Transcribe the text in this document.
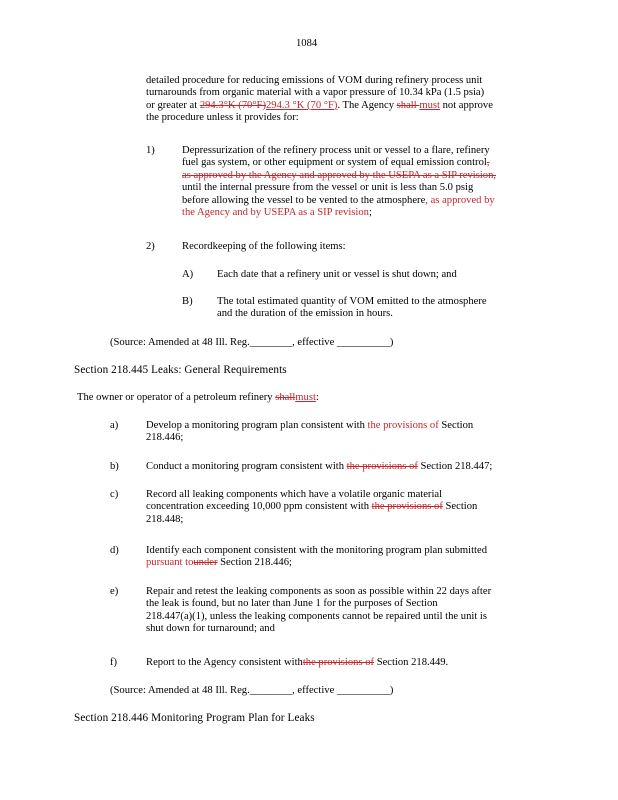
1084

detailed procedure for reducing emissions of VOM during refinery process unit

turnarounds from organic material with a vapor pressure of 10.34 kPa (1.5 psia)

or greater at 294.3°K (70°F)294.3 °K (70 °F). The Agency shall must not approve

the procedure unless it provides for:

1)	Depressurization of the refinery process unit or vessel to a flare, refinery

fuel gas system, or other equipment or system of equal emission control,

as approved by the Agency and approved by the USEPA as a SIP revision,

until the internal pressure from the vessel or unit is less than 5.0 psig

before allowing the vessel to be vented to the atmosphere, as approved by

the Agency and by USEPA as a SIP revision;

2)	Recordkeeping of the following items:
A)	Each date that a refinery unit or vessel is shut down; and
B)	The total estimated quantity of VOM emitted to the atmosphere

and the duration of the emission in hours.

(Source: Amended at 48 Ill. Reg.________, effective __________)
Section 218.445 Leaks: General Requirements
The owner or operator of a petroleum refinery shallmust:
a)	Develop a monitoring program plan consistent with the provisions of Section

218.446;

b)	Conduct a monitoring program consistent with the provisions of Section 218.447;
c)	Record all leaking components which have a volatile organic material

concentration exceeding 10,000 ppm consistent with the provisions of Section

218.448;

d)	Identify each component consistent with the monitoring program plan submitted

pursuant tounder Section 218.446;

e)	Repair and retest the leaking components as soon as possible within 22 days after

the leak is found, but no later than June 1 for the purposes of Section

218.447(a)(1), unless the leaking components cannot be repaired until the unit is

shut down for turnaround; and

f)	Report to the Agency consistent withthe provisions of Section 218.449.
(Source: Amended at 48 Ill. Reg.________, effective __________)
Section 218.446 Monitoring Program Plan for Leaks
